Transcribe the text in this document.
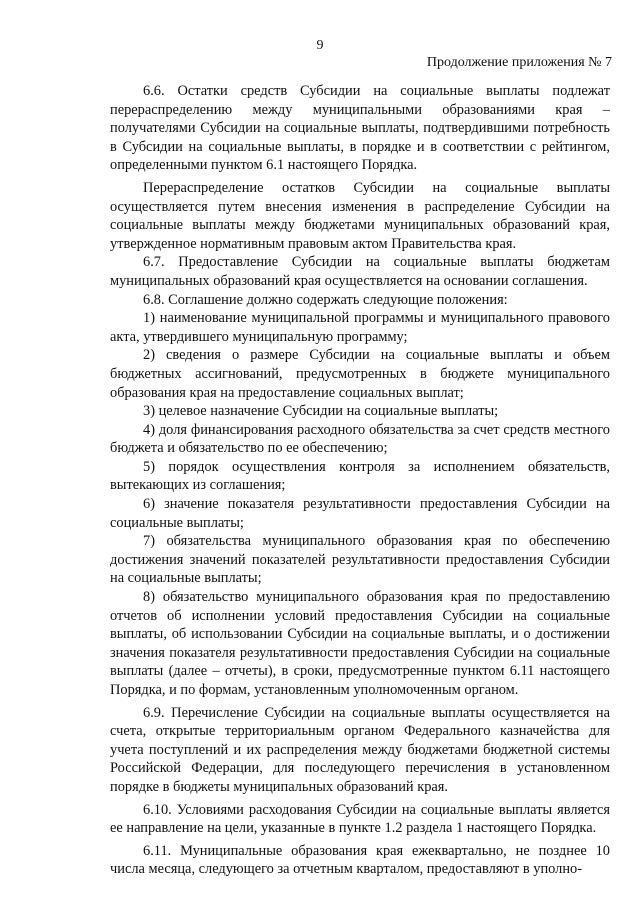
9
Продолжение приложения № 7

6.6. Остатки средств Субсидии на социальные выплаты подлежат перераспределению между муниципальными образованиями края – получателями Субсидии на социальные выплаты, подтвердившими потребность в Субсидии на социальные выплаты, в порядке и в соответствии с рейтингом, определенными пунктом 6.1 настоящего Порядка.

Перераспределение остатков Субсидии на социальные выплаты осуществляется путем внесения изменения в распределение Субсидии на социальные выплаты между бюджетами муниципальных образований края, утвержденное нормативным правовым актом Правительства края.

6.7. Предоставление Субсидии на социальные выплаты бюджетам муниципальных образований края осуществляется на основании соглашения.

6.8. Соглашение должно содержать следующие положения:

1) наименование муниципальной программы и муниципального правового акта, утвердившего муниципальную программу;

2) сведения о размере Субсидии на социальные выплаты и объем бюджетных ассигнований, предусмотренных в бюджете муниципального образования края на предоставление социальных выплат;

3) целевое назначение Субсидии на социальные выплаты;

4) доля финансирования расходного обязательства за счет средств местного бюджета и обязательство по ее обеспечению;

5) порядок осуществления контроля за исполнением обязательств, вытекающих из соглашения;

6) значение показателя результативности предоставления Субсидии на социальные выплаты;

7) обязательства муниципального образования края по обеспечению достижения значений показателей результативности предоставления Субсидии на социальные выплаты;

8) обязательство муниципального образования края по предоставлению отчетов об исполнении условий предоставления Субсидии на социальные выплаты, об использовании Субсидии на социальные выплаты, и о достижении значения показателя результативности предоставления Субсидии на социальные выплаты (далее – отчеты), в сроки, предусмотренные пунктом 6.11 настоящего Порядка, и по формам, установленным уполномоченным органом.

6.9. Перечисление Субсидии на социальные выплаты осуществляется на счета, открытые территориальным органом Федерального казначейства для учета поступлений и их распределения между бюджетами бюджетной системы Российской Федерации, для последующего перечисления в установленном порядке в бюджеты муниципальных образований края.

6.10. Условиями расходования Субсидии на социальные выплаты является ее направление на цели, указанные в пункте 1.2 раздела 1 настоящего Порядка.

6.11. Муниципальные образования края ежеквартально, не позднее 10 числа месяца, следующего за отчетным кварталом, предоставляют в уполно-
